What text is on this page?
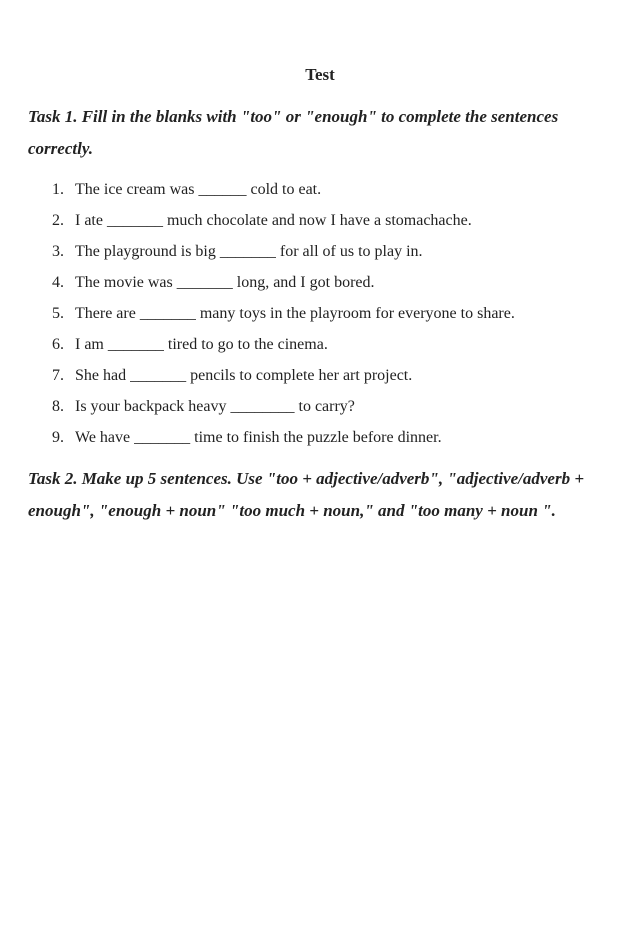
Test
Task 1. Fill in the blanks with "too" or "enough" to complete the sentences correctly.
1. The ice cream was ______ cold to eat.
2. I ate _______ much chocolate and now I have a stomachache.
3. The playground is big _______ for all of us to play in.
4. The movie was _______ long, and I got bored.
5. There are _______ many toys in the playroom for everyone to share.
6. I am _______ tired to go to the cinema.
7. She had _______ pencils to complete her art project.
8. Is your backpack heavy ________ to carry?
9. We have _______ time to finish the puzzle before dinner.
Task 2. Make up 5 sentences. Use "too + adjective/adverb", "adjective/adverb + enough", "enough + noun" "too much + noun," and "too many + noun ".
